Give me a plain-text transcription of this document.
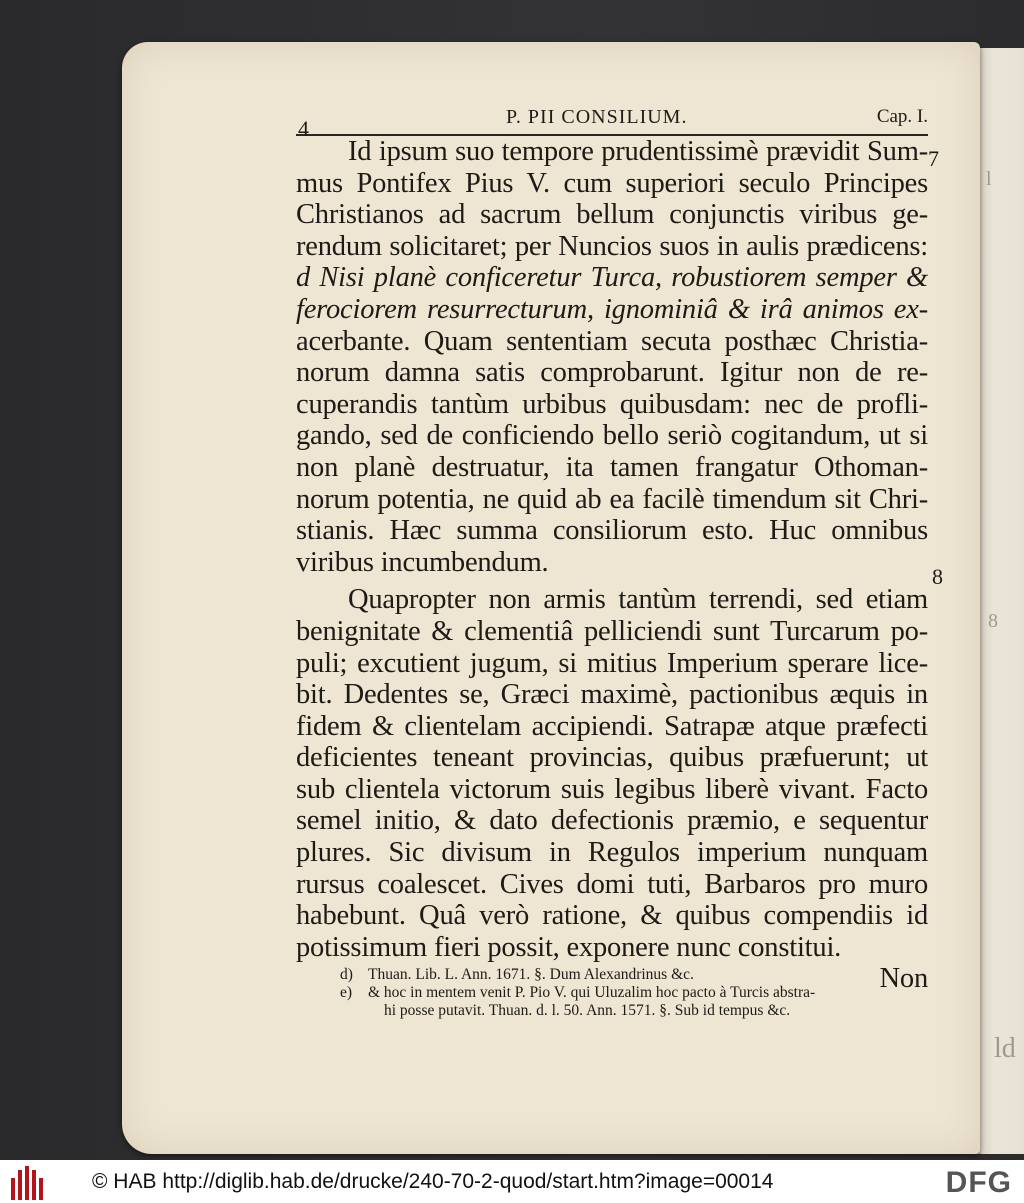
l
8
ld
4	P. PII CONSILIUM.	Cap. I.
7
8
Id ipsum suo tempore prudentissimè prævidit Sum-
mus Pontifex Pius V. cum superiori seculo Principes
Christianos ad sacrum bellum conjunctis viribus ge-
rendum solicitaret; per Nuncios suos in aulis prædicens:
d Nisi planè conficeretur Turca, robustiorem semper &
ferociorem resurrecturum, ignominiâ & irâ animos ex-
acerbante. Quam sententiam secuta posthæc Christia-
norum damna satis comprobarunt. Igitur non de re-
cuperandis tantùm urbibus quibusdam: nec de profli-
gando, sed de conficiendo bello seriò cogitandum, ut si
non planè destruatur, ita tamen frangatur Othoman-
norum potentia, ne quid ab ea facilè timendum sit Chri-
stianis. Hæc summa consiliorum esto. Huc omnibus
viribus incumbendum.
Quapropter non armis tantùm terrendi, sed etiam
benignitate & clementiâ pelliciendi sunt Turcarum po-
puli; excutient jugum, si mitius Imperium sperare lice-
bit. Dedentes se, Græci maximè, pactionibus æquis in
fidem & clientelam accipiendi. Satrapæ atque præfecti
deficientes teneant provincias, quibus præfuerunt; ut
sub clientela victorum suis legibus liberè vivant. Facto
semel initio, & dato defectionis præmio, e sequentur
plures. Sic divisum in Regulos imperium nunquam
rursus coalescet. Cives domi tuti, Barbaros pro muro
habebunt. Quâ verò ratione, & quibus compendiis id
potissimum fieri possit, exponere nunc constitui.
Non
d) Thuan. Lib. L. Ann. 1671. §. Dum Alexandrinus &c.
e) & hoc in mentem venit P. Pio V. qui Uluzalim hoc pacto à Turcis abstra-
hi posse putavit. Thuan. d. l. 50. Ann. 1571. §. Sub id tempus &c.
© HAB http://diglib.hab.de/drucke/240-70-2-quod/start.htm?image=00014	DFG
